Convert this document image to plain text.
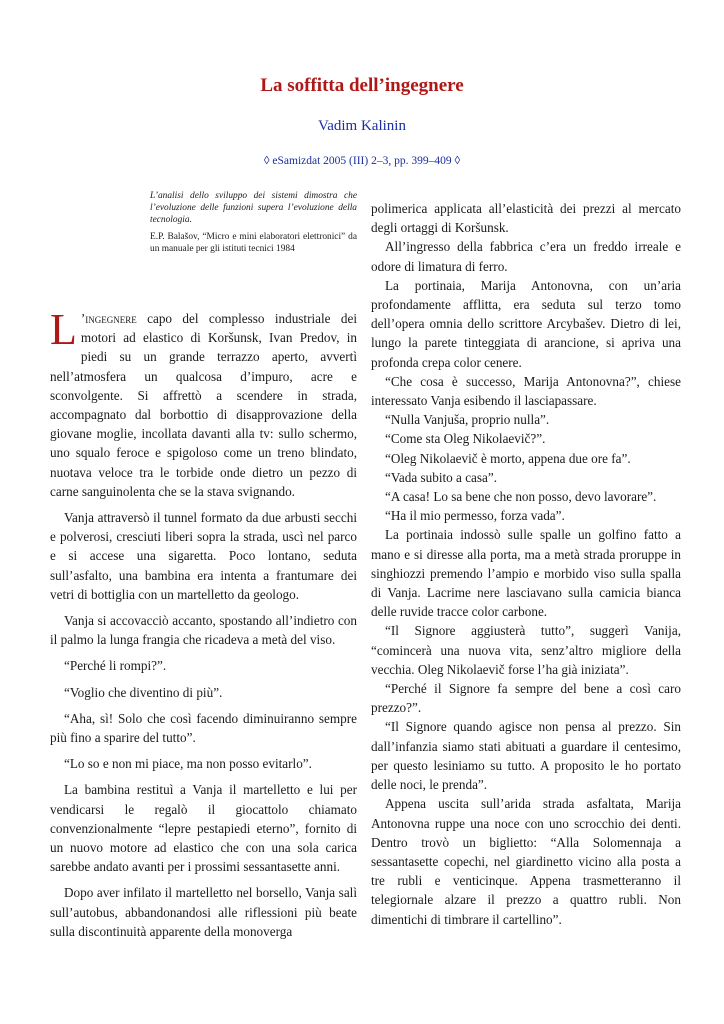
La soffitta dell’ingegnere
Vadim Kalinin
◊ eSamizdat 2005 (III) 2–3, pp. 399–409 ◊

L’analisi dello sviluppo dei sistemi dimostra che l’evoluzione delle funzioni supera l’evoluzione della tecnologia.

E.P. Balašov, “Micro e mini elaboratori elettronici” da un manuale per gli istituti tecnici 1984

L ’ingegnere capo del complesso industriale dei motori ad elastico di Koršunsk, Ivan Predov, in piedi su un grande terrazzo aperto, avvertì nell’atmosfera un qualcosa d’impuro, acre e sconvolgente. Si affrettò a scendere in strada, accompagnato dal borbottio di disapprovazione della giovane moglie, incollata davanti alla tv: sullo schermo, uno squalo feroce e spigoloso come un treno blindato, nuotava veloce tra le torbide onde dietro un pezzo di carne sanguinolenta che se la stava svignando.

Vanja attraversò il tunnel formato da due arbusti secchi e polverosi, cresciuti liberi sopra la strada, uscì nel parco e si accese una sigaretta. Poco lontano, seduta sull’asfalto, una bambina era intenta a frantumare dei vetri di bottiglia con un martelletto da geologo.

Vanja si accovacciò accanto, spostando all’indietro con il palmo la lunga frangia che ricadeva a metà del viso.

“Perché li rompi?”.

“Voglio che diventino di più”.

“Aha, sì! Solo che così facendo diminuiranno sempre più fino a sparire del tutto”.

“Lo so e non mi piace, ma non posso evitarlo”.

La bambina restituì a Vanja il martelletto e lui per vendicarsi le regalò il giocattolo chiamato convenzionalmente “lepre pestapiedi eterno”, fornito di un nuovo motore ad elastico che con una sola carica sarebbe andato avanti per i prossimi sessantasette anni.

Dopo aver infilato il martelletto nel borsello, Vanja salì sull’autobus, abbandonandosi alle riflessioni più beate sulla discontinuità apparente della monoverga

polimerica applicata all’elasticità dei prezzi al mercato degli ortaggi di Koršunsk.

All’ingresso della fabbrica c’era un freddo irreale e odore di limatura di ferro.

La portinaia, Marija Antonovna, con un’aria profondamente afflitta, era seduta sul terzo tomo dell’opera omnia dello scrittore Arcybašev. Dietro di lei, lungo la parete tinteggiata di arancione, si apriva una profonda crepa color cenere.

“Che cosa è successo, Marija Antonovna?”, chiese interessato Vanja esibendo il lasciapassare.

“Nulla Vanjuša, proprio nulla”.

“Come sta Oleg Nikolaevič?”.

“Oleg Nikolaevič è morto, appena due ore fa”.

“Vada subito a casa”.

“A casa! Lo sa bene che non posso, devo lavorare”.

“Ha il mio permesso, forza vada”.

La portinaia indossò sulle spalle un golfino fatto a mano e si diresse alla porta, ma a metà strada proruppe in singhiozzi premendo l’ampio e morbido viso sulla spalla di Vanja. Lacrime nere lasciavano sulla camicia bianca delle ruvide tracce color carbone.

“Il Signore aggiusterà tutto”, suggerì Vanija, “comincerà una nuova vita, senz’altro migliore della vecchia. Oleg Nikolaevič forse l’ha già iniziata”.

“Perché il Signore fa sempre del bene a così caro prezzo?”.

“Il Signore quando agisce non pensa al prezzo. Sin dall’infanzia siamo stati abituati a guardare il centesimo, per questo lesiniamo su tutto. A proposito le ho portato delle noci, le prenda”.

Appena uscita sull’arida strada asfaltata, Marija Antonovna ruppe una noce con uno scrocchio dei denti. Dentro trovò un biglietto: “Alla Solomennaja a sessantasette copechi, nel giardinetto vicino alla posta a tre rubli e venticinque. Appena trasmetteranno il telegiornale alzare il prezzo a quattro rubli. Non dimentichi di timbrare il cartellino”.
